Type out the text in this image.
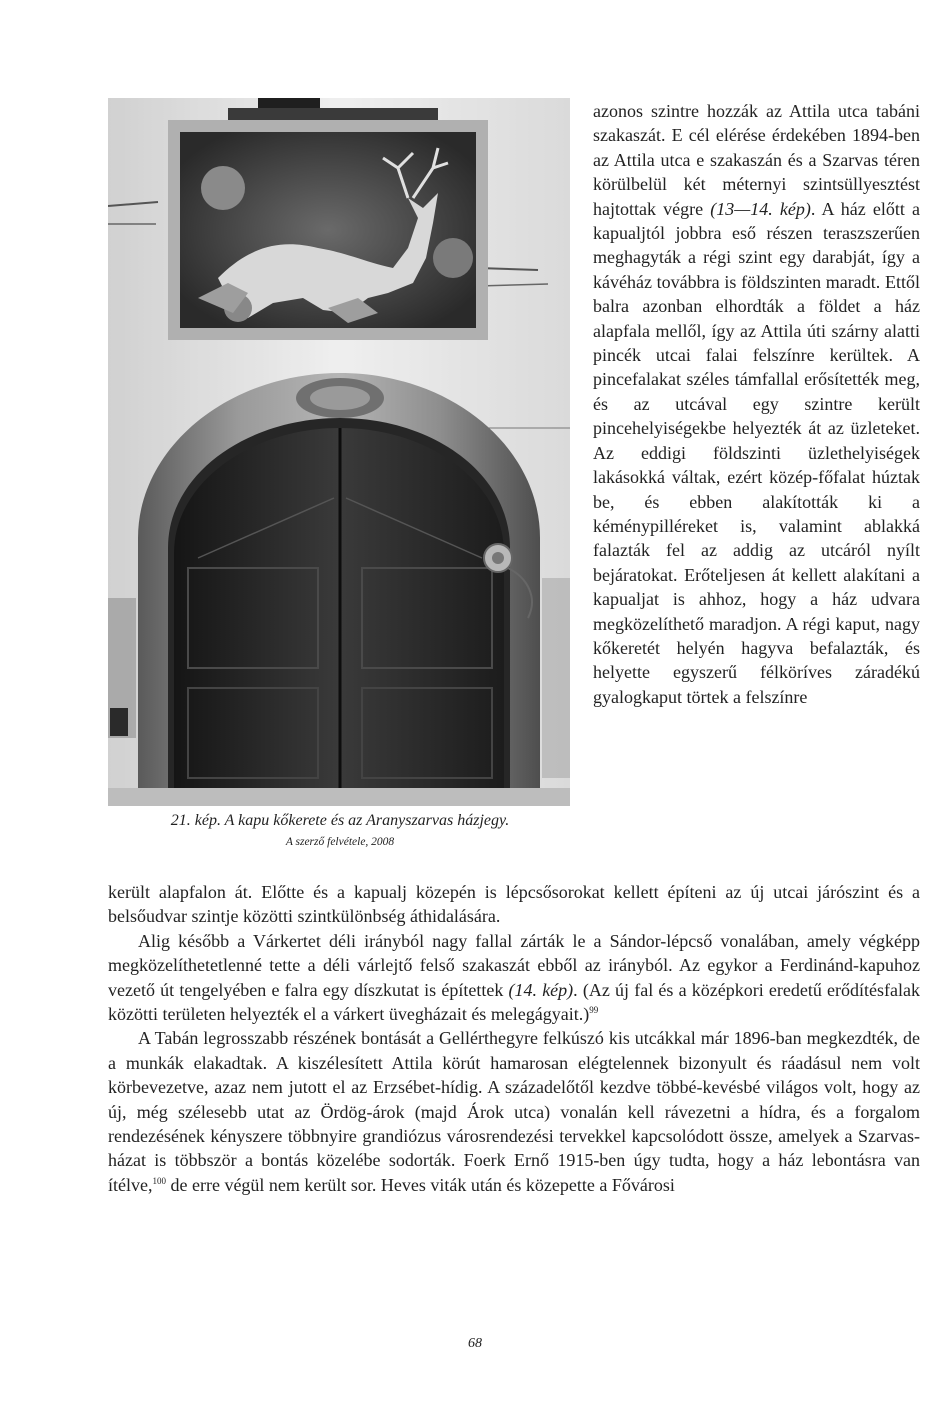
21. kép. A kapu kőkerete és az Aranyszarvas házjegy.
A szerző felvétele, 2008
azonos szintre hozzák az Attila utca tabáni szakaszát. E cél elérése érdekében 1894-ben az Attila utca e szakaszán és a Szarvas téren körülbelül két méternyi szintsüllyesztést hajtottak végre (13—14. kép). A ház előtt a kapualjtól jobbra eső részen teraszszerűen meghagyták a régi szint egy darabját, így a kávéház továbbra is földszinten maradt. Ettől balra azonban elhordták a földet a ház alapfala mellől, így az Attila úti szárny alatti pincék utcai falai felszínre kerültek. A pincefalakat széles támfallal erősítették meg, és az utcával egy szintre került pincehelyiségekbe helyezték át az üzleteket. Az eddigi földszinti üzlethelyiségek lakásokká váltak, ezért közép-főfalat húztak be, és ebben alakították ki a kéménypilléreket is, valamint ablakká falazták fel az addig az utcáról nyílt bejáratokat. Erőteljesen át kellett alakítani a kapualjat is ahhoz, hogy a ház udvara megközelíthető maradjon. A régi kaput, nagy kőkeretét helyén hagyva befalazták, és helyette egyszerű félköríves záradékú gyalogkaput törtek a felszínre

került alapfalon át. Előtte és a kapualj közepén is lépcsősorokat kellett építeni az új utcai járószint és a belsőudvar szintje közötti szintkülönbség áthidalására.

Alig később a Várkertet déli irányból nagy fallal zárták le a Sándor-lépcső vonalában, amely végképp megközelíthetetlenné tette a déli várlejtő felső szakaszát ebből az irányból. Az egykor a Ferdinánd-kapuhoz vezető út tengelyében e falra egy díszkutat is építettek (14. kép). (Az új fal és a középkori eredetű erődítésfalak közötti területen helyezték el a várkert üvegházait és melegágyait.)$^{99}$

A Tabán legrosszabb részének bontását a Gellérthegyre felkúszó kis utcákkal már 1896-ban megkezdték, de a munkák elakadtak. A kiszélesített Attila körút hamarosan elégtelennek bizonyult és ráadásul nem volt körbevezetve, azaz nem jutott el az Erzsébet-hídig. A századelőtől kezdve többé-kevésbé világos volt, hogy az új, még szélesebb utat az Ördög-árok (majd Árok utca) vonalán kell rávezetni a hídra, és a forgalom rendezésének kényszere többnyire grandiózus városrendezési tervekkel kapcsolódott össze, amelyek a Szarvas-házat is többször a bontás közelébe sodorták. Foerk Ernő 1915-ben úgy tudta, hogy a ház lebontásra van ítélve,$^{100}$ de erre végül nem került sor. Heves viták után és közepette a Fővárosi

68
